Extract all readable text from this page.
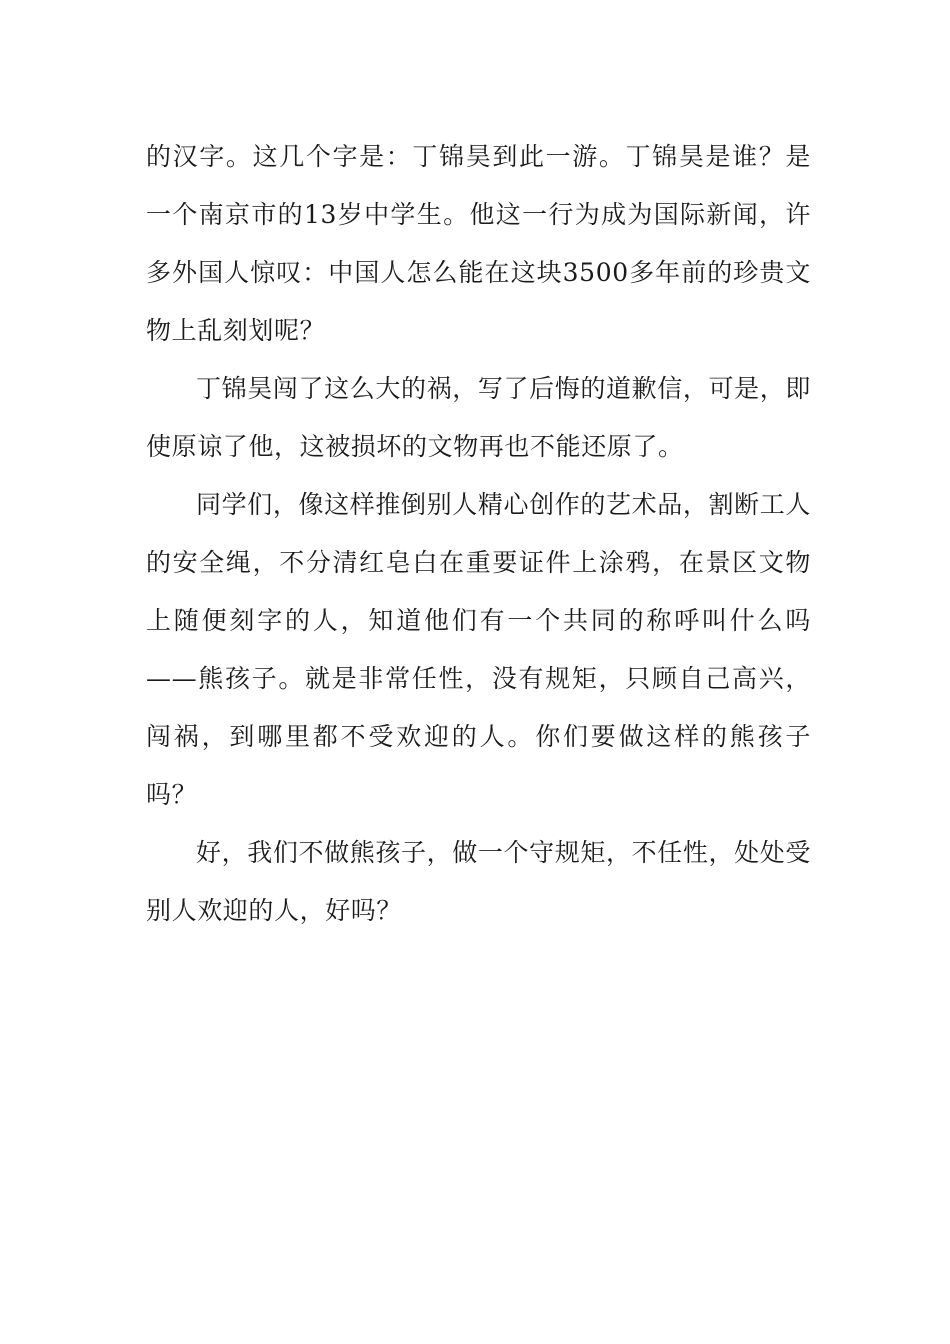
的汉字。这几个字是：丁锦昊到此一游。丁锦昊是谁？是一个南京市的13岁中学生。他这一行为成为国际新闻，许多外国人惊叹：中国人怎么能在这块3500多年前的珍贵文物上乱刻划呢？

丁锦昊闯了这么大的祸，写了后悔的道歉信，可是，即使原谅了他，这被损坏的文物再也不能还原了。

同学们，像这样推倒别人精心创作的艺术品，割断工人的安全绳，不分清红皂白在重要证件上涂鸦，在景区文物上随便刻字的人，知道他们有一个共同的称呼叫什么吗——熊孩子。就是非常任性，没有规矩，只顾自己高兴，闯祸，到哪里都不受欢迎的人。你们要做这样的熊孩子吗？

好，我们不做熊孩子，做一个守规矩，不任性，处处受别人欢迎的人，好吗？
